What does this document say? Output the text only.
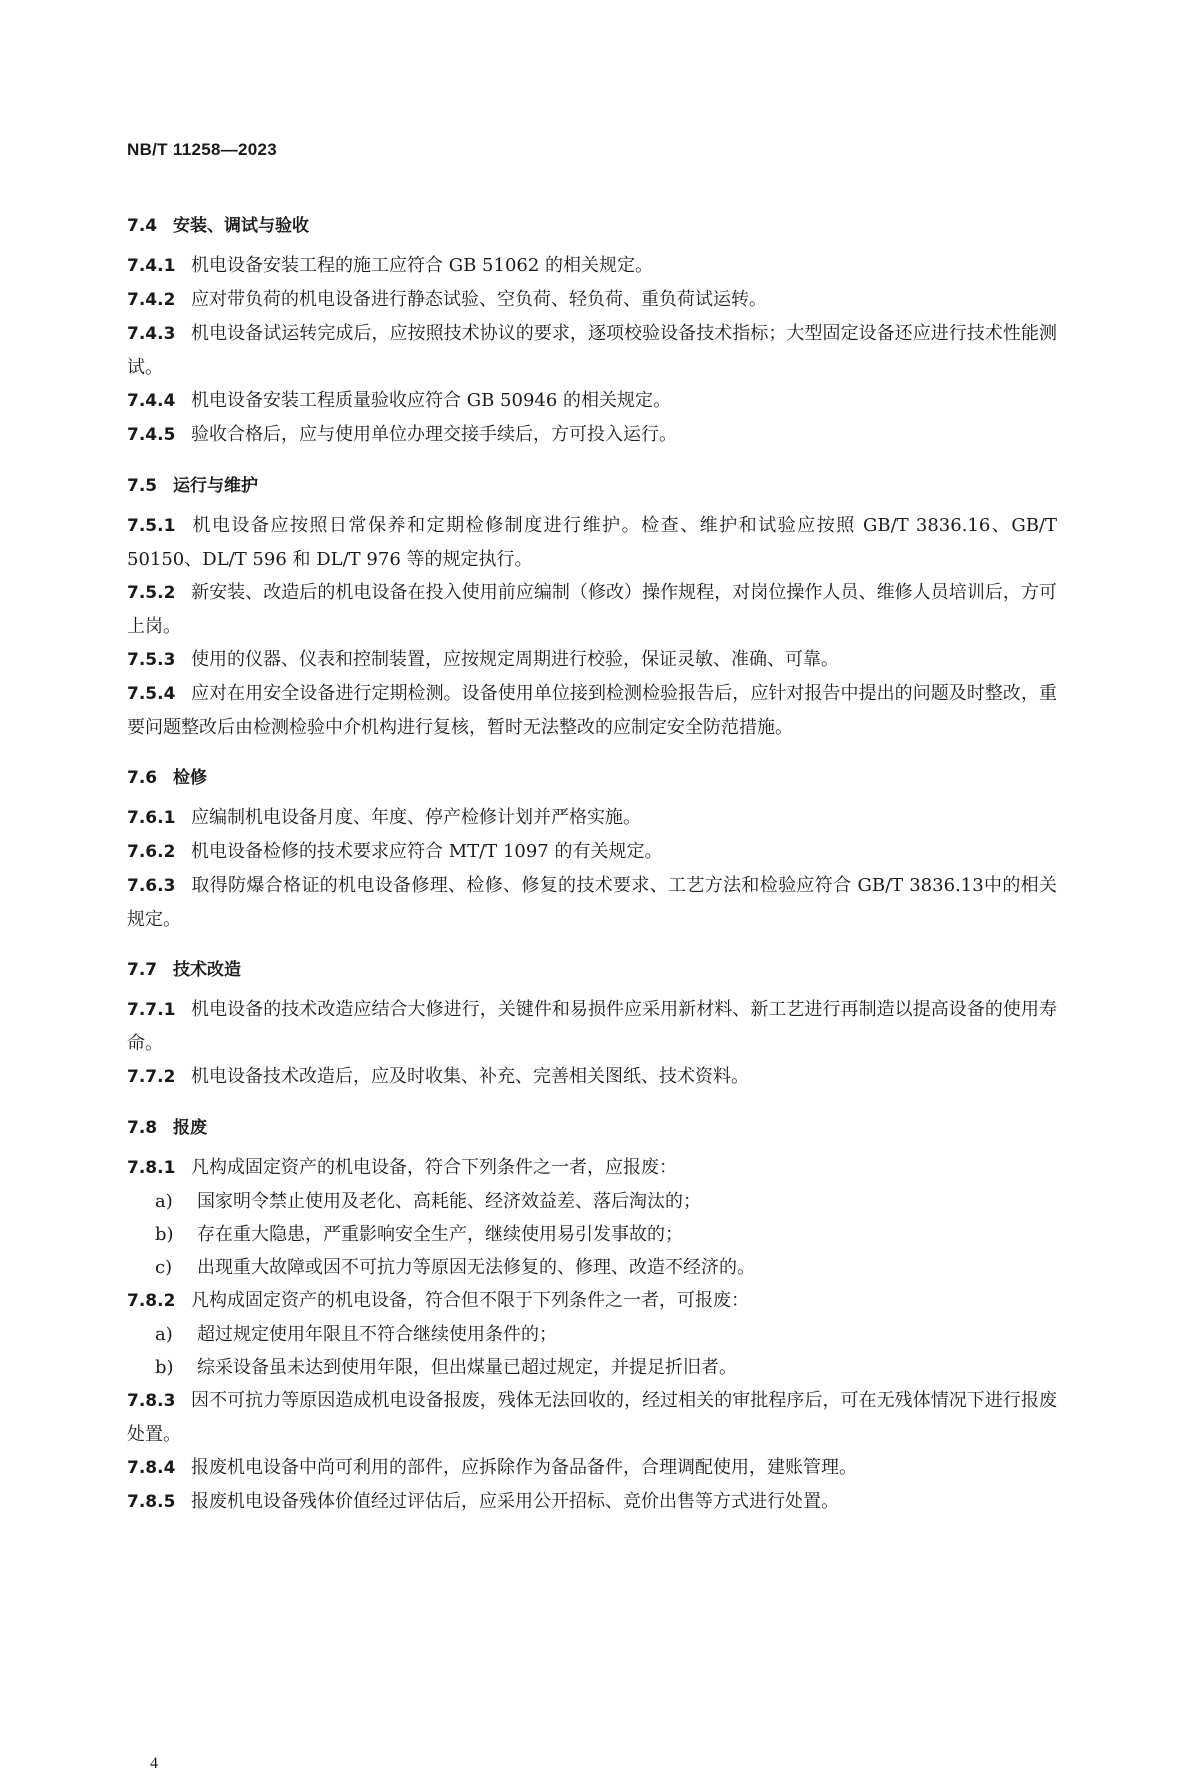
NB/T 11258—2023
7.4 安装、调试与验收
7.4.1 机电设备安装工程的施工应符合 GB 51062 的相关规定。
7.4.2 应对带负荷的机电设备进行静态试验、空负荷、轻负荷、重负荷试运转。
7.4.3 机电设备试运转完成后，应按照技术协议的要求，逐项校验设备技术指标；大型固定设备还应进行技术性能测试。
7.4.4 机电设备安装工程质量验收应符合 GB 50946 的相关规定。
7.4.5 验收合格后，应与使用单位办理交接手续后，方可投入运行。
7.5 运行与维护
7.5.1 机电设备应按照日常保养和定期检修制度进行维护。检查、维护和试验应按照 GB/T 3836.16、GB/T 50150、DL/T 596 和 DL/T 976 等的规定执行。
7.5.2 新安装、改造后的机电设备在投入使用前应编制（修改）操作规程，对岗位操作人员、维修人员培训后，方可上岗。
7.5.3 使用的仪器、仪表和控制装置，应按规定周期进行校验，保证灵敏、准确、可靠。
7.5.4 应对在用安全设备进行定期检测。设备使用单位接到检测检验报告后，应针对报告中提出的问题及时整改，重要问题整改后由检测检验中介机构进行复核，暂时无法整改的应制定安全防范措施。
7.6 检修
7.6.1 应编制机电设备月度、年度、停产检修计划并严格实施。
7.6.2 机电设备检修的技术要求应符合 MT/T 1097 的有关规定。
7.6.3 取得防爆合格证的机电设备修理、检修、修复的技术要求、工艺方法和检验应符合 GB/T 3836.13中的相关规定。
7.7 技术改造
7.7.1 机电设备的技术改造应结合大修进行，关键件和易损件应采用新材料、新工艺进行再制造以提高设备的使用寿命。
7.7.2 机电设备技术改造后，应及时收集、补充、完善相关图纸、技术资料。
7.8 报废
7.8.1 凡构成固定资产的机电设备，符合下列条件之一者，应报废：
a) 国家明令禁止使用及老化、高耗能、经济效益差、落后淘汰的；
b) 存在重大隐患，严重影响安全生产，继续使用易引发事故的；
c) 出现重大故障或因不可抗力等原因无法修复的、修理、改造不经济的。
7.8.2 凡构成固定资产的机电设备，符合但不限于下列条件之一者，可报废：
a) 超过规定使用年限且不符合继续使用条件的；
b) 综采设备虽未达到使用年限，但出煤量已超过规定，并提足折旧者。
7.8.3 因不可抗力等原因造成机电设备报废，残体无法回收的，经过相关的审批程序后，可在无残体情况下进行报废处置。
7.8.4 报废机电设备中尚可利用的部件，应拆除作为备品备件，合理调配使用，建账管理。
7.8.5 报废机电设备残体价值经过评估后，应采用公开招标、竞价出售等方式进行处置。
4
